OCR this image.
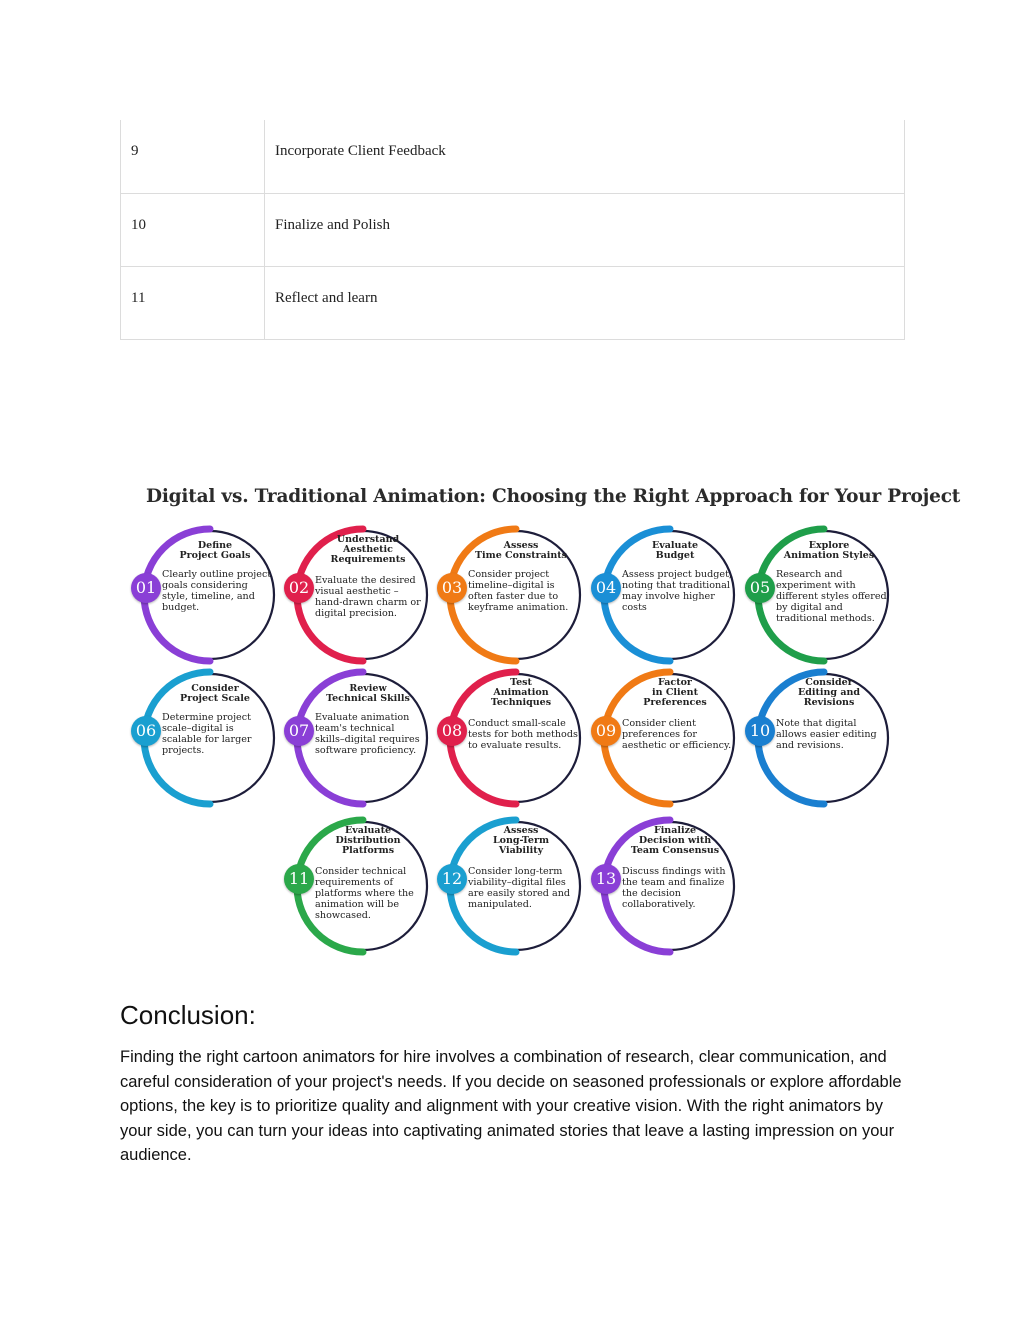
9	Incorporate Client Feedback
10	Finalize and Polish
11	Reflect and learn
Digital vs. Traditional Animation: Choosing the Right Approach for Your Project
01
Define
Project Goals
Clearly outline project goals considering style, timeline, and budget.
02
Understand
Aesthetic
Requirements
Evaluate the desired visual aesthetic – hand-drawn charm or digital precision.
03
Assess
Time Constraints
Consider project timeline–digital is often faster due to keyframe animation.
04
Evaluate
Budget
Assess project budget, noting that traditional may involve higher costs
05
Explore
Animation Styles
Research and experiment with different styles offered by digital and traditional methods.
06
Consider
Project Scale
Determine project scale–digital is scalable for larger projects.
07
Review
Technical Skills
Evaluate animation team's technical skills–digital requires software proficiency.
08
Test
Animation
Techniques
Conduct small-scale tests for both methods to evaluate results.
09
Factor
in Client
Preferences
Consider client preferences for aesthetic or efficiency.
10
Consider
Editing and
Revisions
Note that digital allows easier editing and revisions.
11
Evaluate
Distribution
Platforms
Consider technical requirements of platforms where the animation will be showcased.
12
Assess
Long-Term
Viability
Consider long-term viability–digital files are easily stored and manipulated.
13
Finalize
Decision with
Team Consensus
Discuss findings with the team and finalize the decision collaboratively.
Conclusion:

Finding the right cartoon animators for hire involves a combination of research, clear communication, and careful consideration of your project's needs. If you decide on seasoned professionals or explore affordable options, the key is to prioritize quality and alignment with your creative vision. With the right animators by your side, you can turn your ideas into captivating animated stories that leave a lasting impression on your audience.
